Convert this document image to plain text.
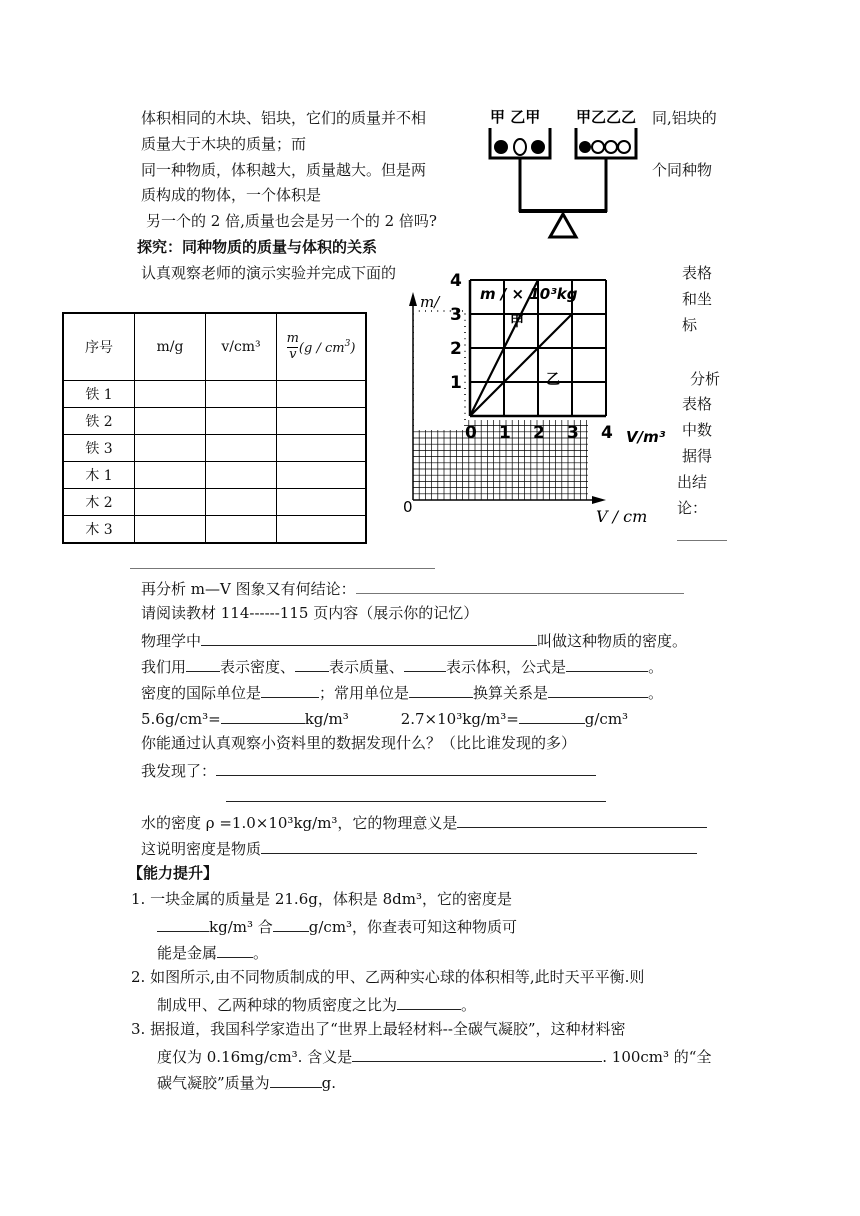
体积相同的木块、铝块，它们的质量并不相	同,铝块的
质量大于木块的质量；而
同一种物质，体积越大，质量越大。但是两	个同种物
质构成的物体，一个体积是
另一个的 2 倍,质量也会是另一个的 2 倍吗?
甲 乙甲 甲乙乙乙
探究：同种物质的质量与体积的关系
认真观察老师的演示实验并完成下面的	表格
和坐
标
分析
表格
中数
据得
出结
论：
序号	m/g	v/cm³	m
v $(g / cm^3)$
铁 1			
铁 2			
铁 3			
木 1			
木 2			
木 3			
m/
0	V / cm
0 1 2 3 4
1
2
3
4
m / × 10³kg
V/m³
甲
乙
再分析 m—V 图象又有何结论：
请阅读教材 114------115 页内容（展示你的记忆）
物理学中	叫做这种物质的密度。
我们用 表示密度、 表示质量、	表示体积，公式是	。
密度的国际单位是	；常用单位是	换算关系是	。
5.6g/cm³=	kg/m³	2.7×10³kg/m³=	g/cm³
你能通过认真观察小资料里的数据发现什么？（比比谁发现的多）
我发现了：
水的密度 ρ =1.0×10³kg/m³，它的物理意义是
这说明密度是物质
【能力提升】
1. 一块金属的质量是 21.6g，体积是 8dm³，它的密度是
kg/m³ 合 g/cm³，你查表可知这种物质可
能是金属 。
2. 如图所示,由不同物质制成的甲、乙两种实心球的体积相等,此时天平平衡.则
制成甲、乙两种球的物质密度之比为	。
3. 据报道，我国科学家造出了“世界上最轻材料--全碳气凝胶”，这种材料密
度仅为 0.16mg/cm³. 含义是	. 100cm³ 的“全
碳气凝胶”质量为	g.
